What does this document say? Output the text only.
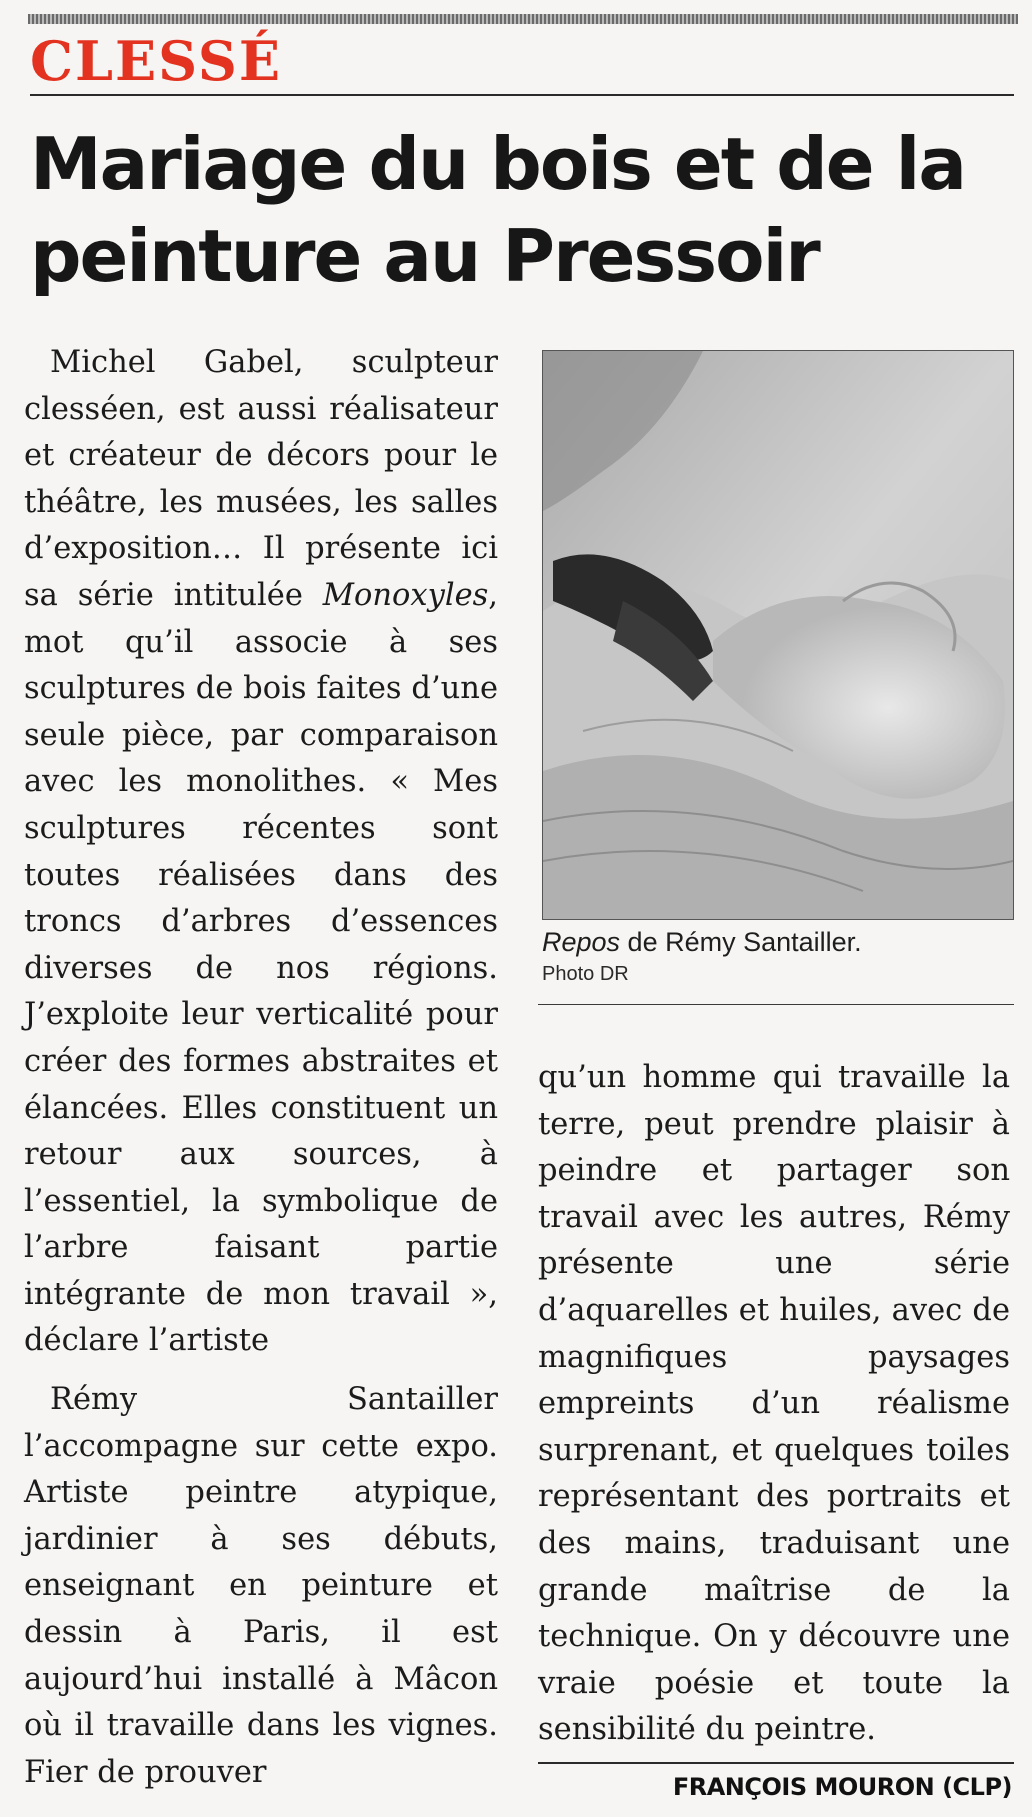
CLESSÉ
Mariage du bois et de la peinture au Pressoir

Michel Gabel, sculpteur clesséen, est aussi réalisateur et créateur de décors pour le théâtre, les musées, les salles d’exposition… Il présente ici sa série intitulée Monoxyles, mot qu’il associe à ses sculptures de bois faites d’une seule pièce, par comparaison avec les monolithes. « Mes sculptures récentes sont toutes réalisées dans des troncs d’arbres d’essences diverses de nos régions. J’exploite leur verticalité pour créer des formes abstraites et élancées. Elles constituent un retour aux sources, à l’essentiel, la symbolique de l’arbre faisant partie intégrante de mon travail », déclare l’artiste

Rémy Santailler l’accompagne sur cette expo. Artiste peintre atypique, jardinier à ses débuts, enseignant en peinture et dessin à Paris, il est aujourd’hui installé à Mâcon où il travaille dans les vignes. Fier de prouver

Repos de Rémy Santailler.
Photo DR

qu’un homme qui travaille la terre, peut prendre plaisir à peindre et partager son travail avec les autres, Rémy présente une série d’aquarelles et huiles, avec de magnifiques paysages empreints d’un réalisme surprenant, et quelques toiles représentant des portraits et des mains, traduisant une grande maîtrise de la technique. On y découvre une vraie poésie et toute la sensibilité du peintre.

FRANÇOIS MOURON (CLP)
